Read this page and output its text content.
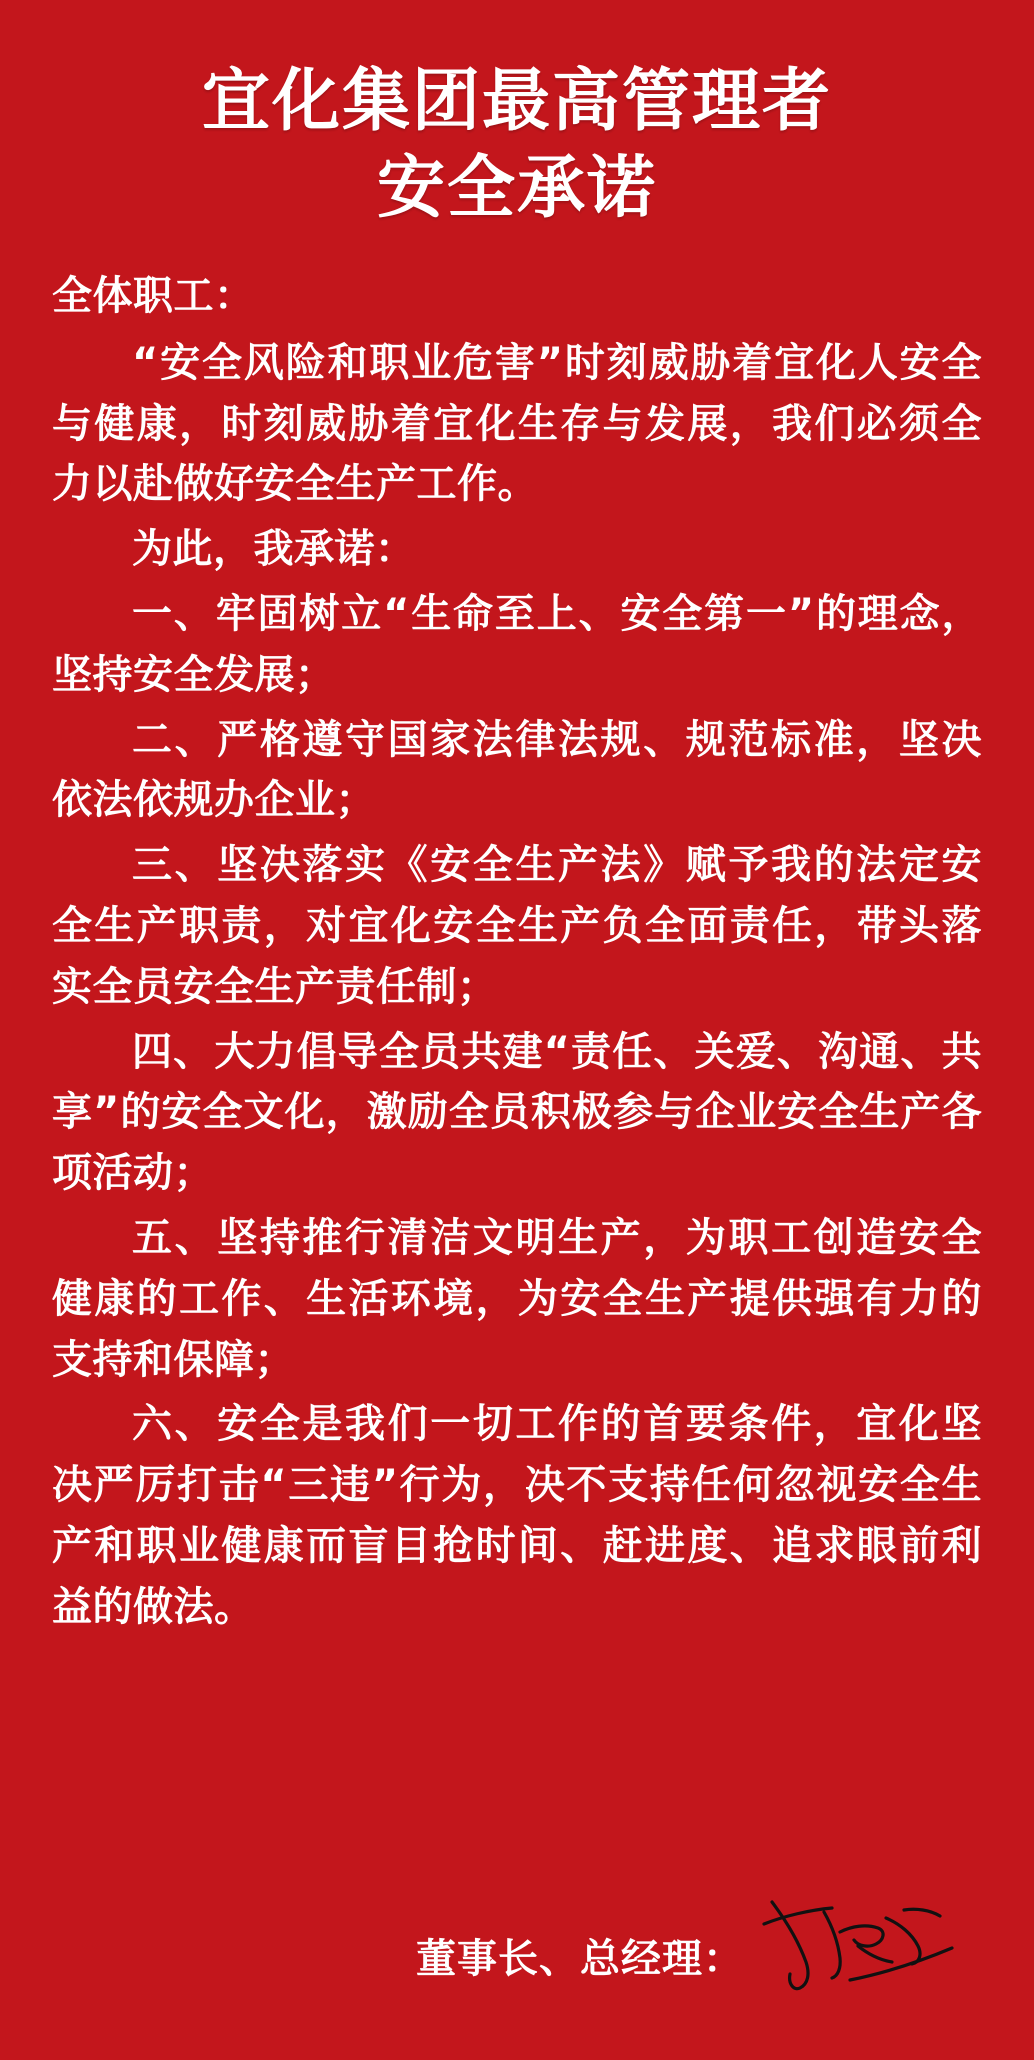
宜化集团最高管理者
安全承诺

全体职工：

“安全风险和职业危害”时刻威胁着宜化人安全与健康，时刻威胁着宜化生存与发展，我们必须全力以赴做好安全生产工作。

为此，我承诺：

一、牢固树立“生命至上、安全第一”的理念，坚持安全发展；

二、严格遵守国家法律法规、规范标准，坚决依法依规办企业；

三、坚决落实《安全生产法》赋予我的法定安全生产职责，对宜化安全生产负全面责任，带头落实全员安全生产责任制；

四、大力倡导全员共建“责任、关爱、沟通、共享”的安全文化，激励全员积极参与企业安全生产各项活动；

五、坚持推行清洁文明生产，为职工创造安全健康的工作、生活环境，为安全生产提供强有力的支持和保障；

六、安全是我们一切工作的首要条件，宜化坚决严厉打击“三违”行为，决不支持任何忽视安全生产和职业健康而盲目抢时间、赶进度、追求眼前利益的做法。

董事长、总经理：
